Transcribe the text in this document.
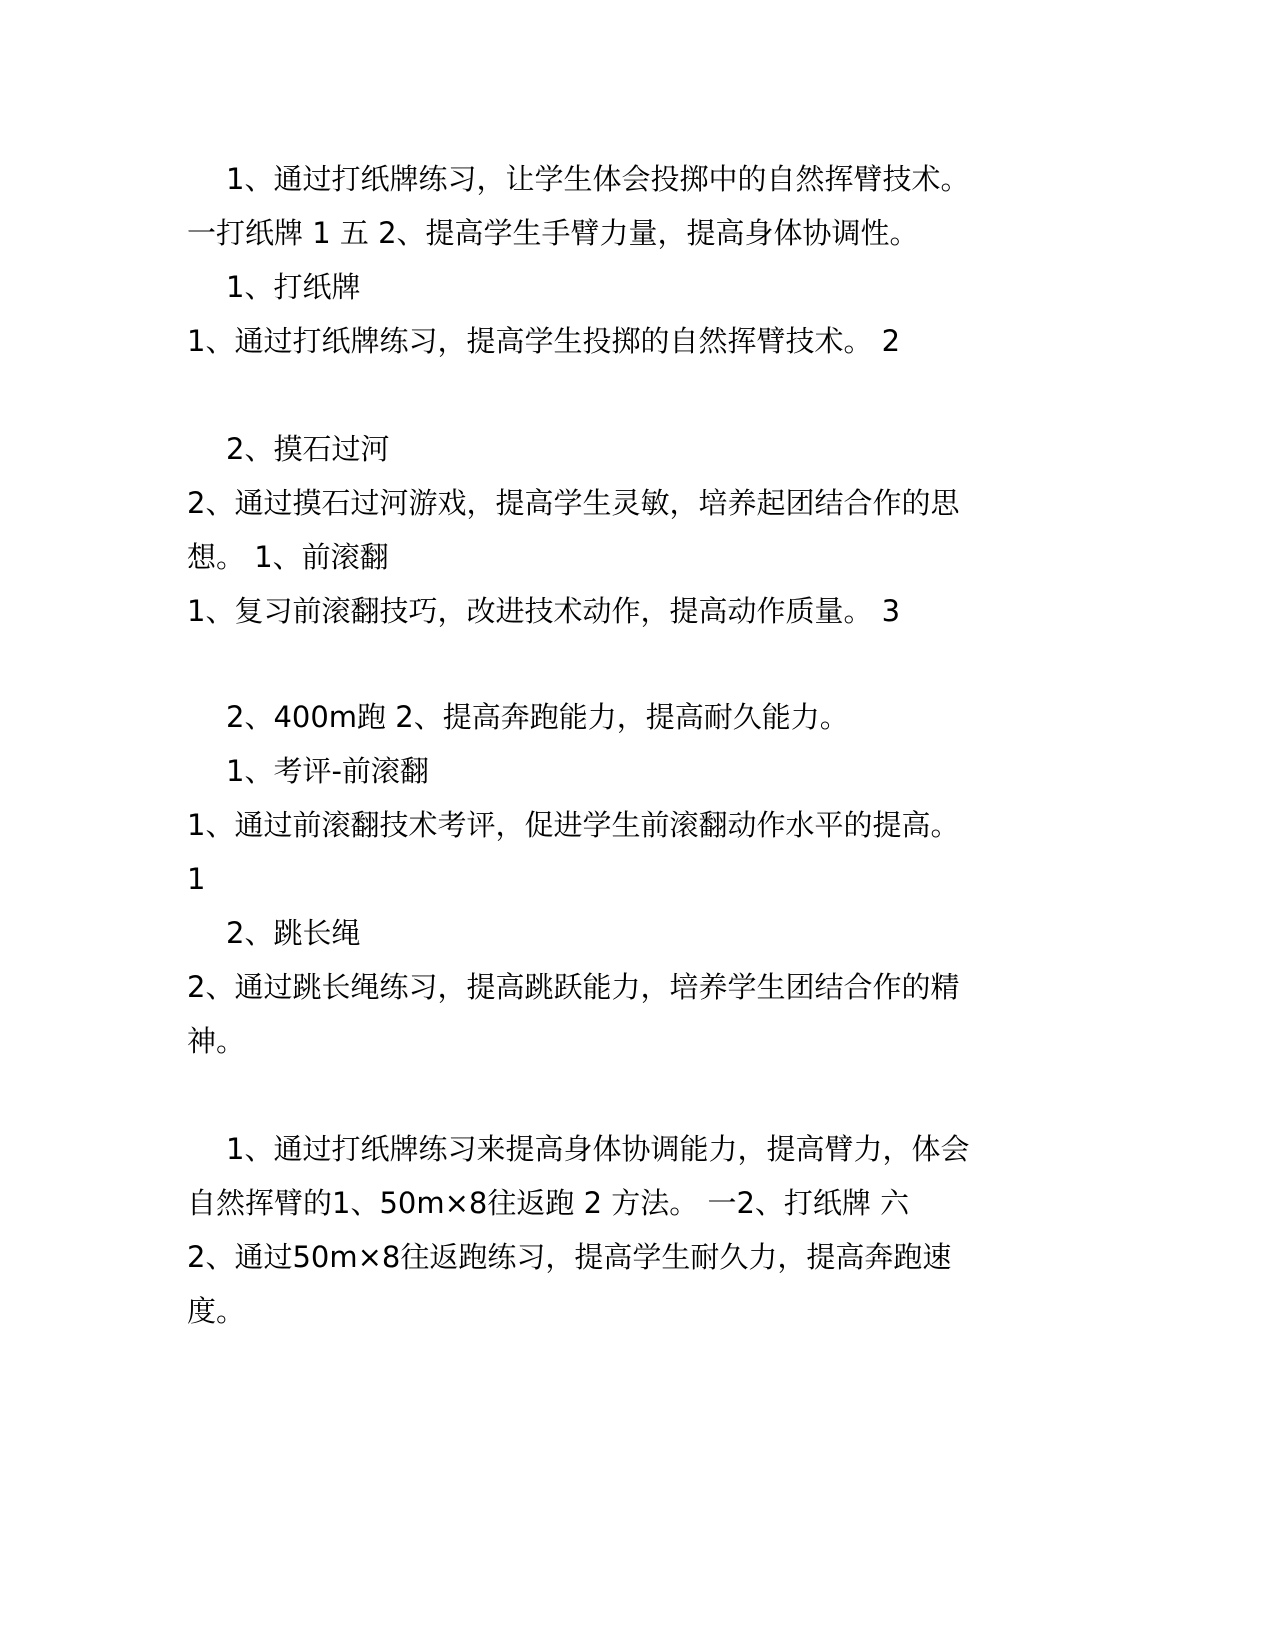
1、通过打纸牌练习，让学生体会投掷中的自然挥臂技术。
一打纸牌 1 五 2、提高学生手臂力量，提高身体协调性。
1、打纸牌
1、通过打纸牌练习，提高学生投掷的自然挥臂技术。 2
2、摸石过河
2、通过摸石过河游戏，提高学生灵敏，培养起团结合作的思
想。 1、前滚翻
1、复习前滚翻技巧，改进技术动作，提高动作质量。 3
2、400m跑 2、提高奔跑能力，提高耐久能力。
1、考评-前滚翻
1、通过前滚翻技术考评，促进学生前滚翻动作水平的提高。
1
2、跳长绳
2、通过跳长绳练习，提高跳跃能力，培养学生团结合作的精
神。
1、通过打纸牌练习来提高身体协调能力，提高臂力，体会
自然挥臂的1、50m×8往返跑 2 方法。 一2、打纸牌 六
2、通过50m×8往返跑练习，提高学生耐久力，提高奔跑速
度。
